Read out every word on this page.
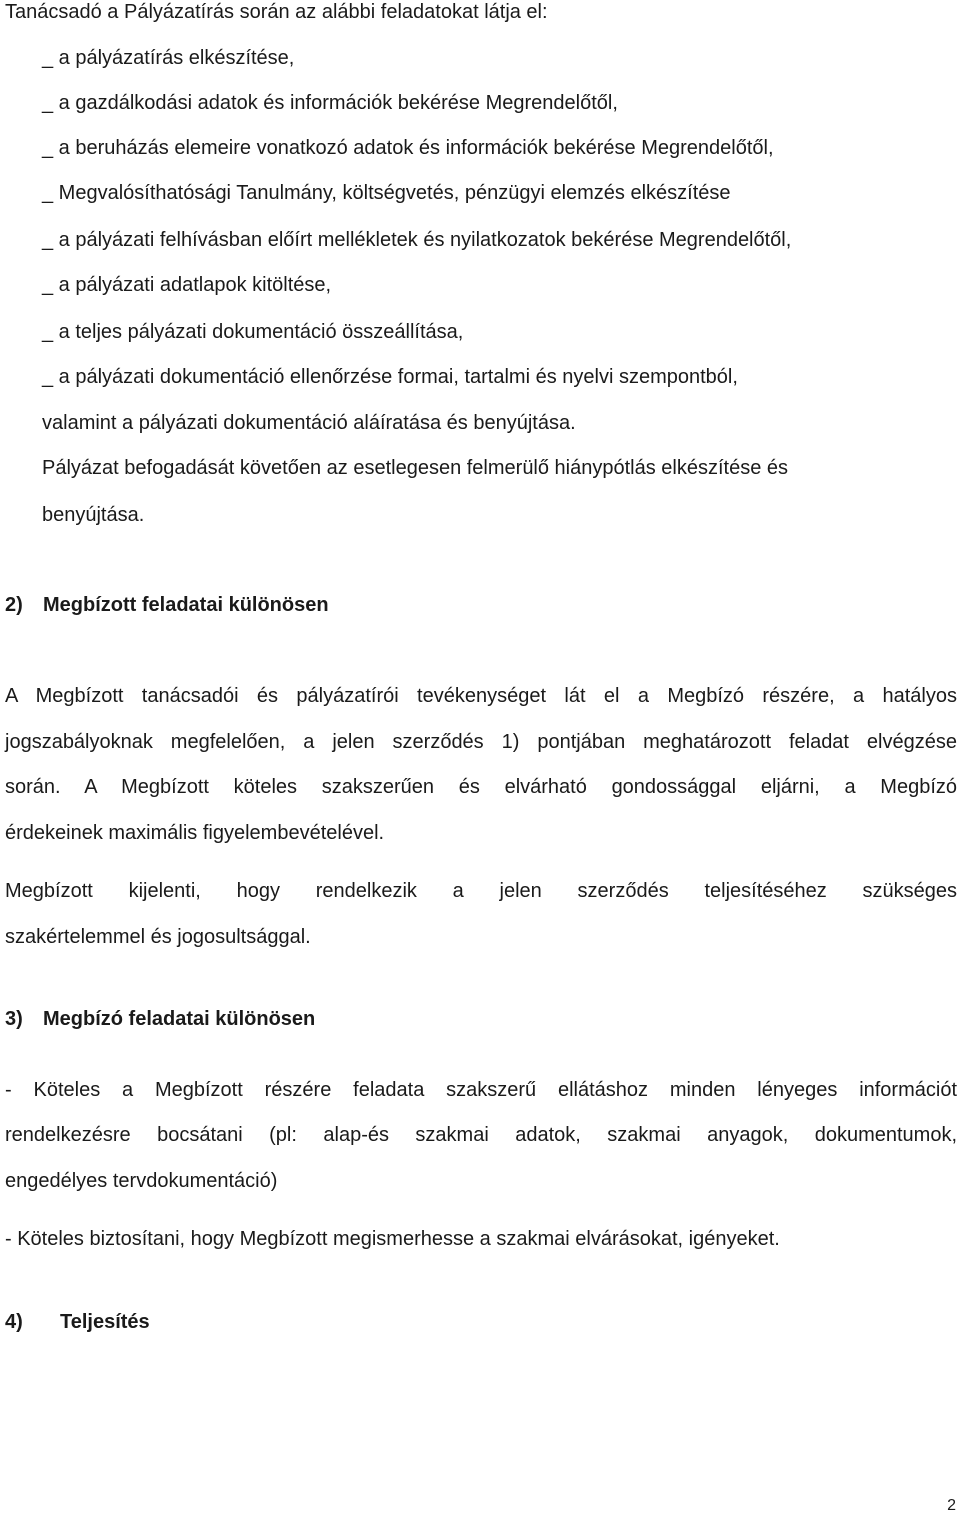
Tanácsadó a Pályázatírás során az alábbi feladatokat látja el:
_ a pályázatírás elkészítése,
_ a gazdálkodási adatok és információk bekérése Megrendelőtől,
_ a beruházás elemeire vonatkozó adatok és információk bekérése Megrendelőtől,
_ Megvalósíthatósági Tanulmány, költségvetés, pénzügyi elemzés elkészítése
_ a pályázati felhívásban előírt mellékletek és nyilatkozatok bekérése Megrendelőtől,
_ a pályázati adatlapok kitöltése,
_ a teljes pályázati dokumentáció összeállítása,
_ a pályázati dokumentáció ellenőrzése formai, tartalmi és nyelvi szempontból,
valamint a pályázati dokumentáció aláíratása és benyújtása.
Pályázat befogadását követően az esetlegesen felmerülő hiánypótlás elkészítése és
benyújtása.
2) Megbízott feladatai különösen
A Megbízott tanácsadói és pályázatírói tevékenységet lát el a Megbízó részére, a hatályos
jogszabályoknak megfelelően, a jelen szerződés 1) pontjában meghatározott feladat elvégzése
során. A Megbízott köteles szakszerűen és elvárható gondossággal eljárni, a Megbízó
érdekeinek maximális figyelembevételével.
Megbízott kijelenti, hogy rendelkezik a jelen szerződés teljesítéséhez szükséges
szakértelemmel és jogosultsággal.
3) Megbízó feladatai különösen
- Köteles a Megbízott részére feladata szakszerű ellátáshoz minden lényeges információt
rendelkezésre bocsátani (pl: alap-és szakmai adatok, szakmai anyagok, dokumentumok,
engedélyes tervdokumentáció)
- Köteles biztosítani, hogy Megbízott megismerhesse a szakmai elvárásokat, igényeket.
4) Teljesítés
2
